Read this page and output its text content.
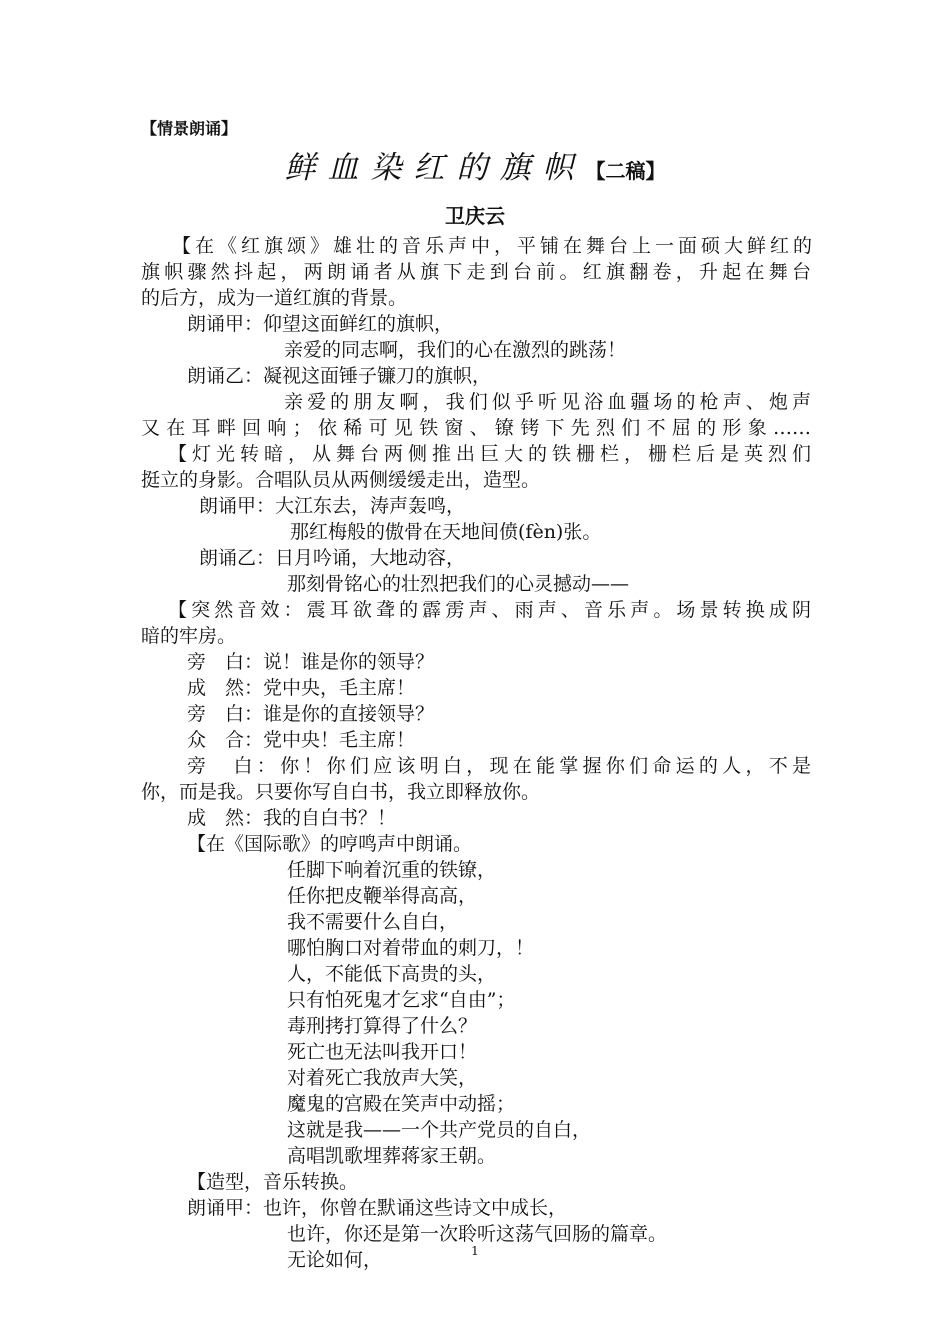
【情景朗诵】
鲜血染红的旗帜【二稿】
卫庆云
【在《红旗颂》雄壮的音乐声中，平铺在舞台上一面硕大鲜红的
旗帜骤然抖起，两朗诵者从旗下走到台前。红旗翻卷，升起在舞台
的后方，成为一道红旗的背景。
朗诵甲：仰望这面鲜红的旗帜，
亲爱的同志啊，我们的心在激烈的跳荡！
朗诵乙：凝视这面锤子镰刀的旗帜，
亲爱的朋友啊，我们似乎听见浴血疆场的枪声、炮声
又在耳畔回响；依稀可见铁窗、镣铐下先烈们不屈的形象……
【灯光转暗，从舞台两侧推出巨大的铁栅栏，栅栏后是英烈们
挺立的身影。合唱队员从两侧缓缓走出，造型。
朗诵甲：大江东去，涛声轰鸣，
那红梅般的傲骨在天地间偾(fèn)张。
朗诵乙：日月吟诵，大地动容，
那刻骨铭心的壮烈把我们的心灵撼动——
【突然音效：震耳欲聋的霹雳声、雨声、音乐声。场景转换成阴
暗的牢房。
旁　白：说！谁是你的领导？
成　然：党中央，毛主席！
旁　白：谁是你的直接领导？
众　合：党中央！毛主席！
旁　白：你！你们应该明白，现在能掌握你们命运的人，不是
你，而是我。只要你写自白书，我立即释放你。
成　然：我的自白书？！
【在《国际歌》的哼鸣声中朗诵。
任脚下响着沉重的铁镣，
任你把皮鞭举得高高，
我不需要什么自白，
哪怕胸口对着带血的刺刀，！
人，不能低下高贵的头，
只有怕死鬼才乞求“自由”；
毒刑拷打算得了什么？
死亡也无法叫我开口！
对着死亡我放声大笑，
魔鬼的宫殿在笑声中动摇；
这就是我——一个共产党员的自白，
高唱凯歌埋葬蒋家王朝。
【造型，音乐转换。
朗诵甲：也许，你曾在默诵这些诗文中成长，
也许，你还是第一次聆听这荡气回肠的篇章。
无论如何，	1
